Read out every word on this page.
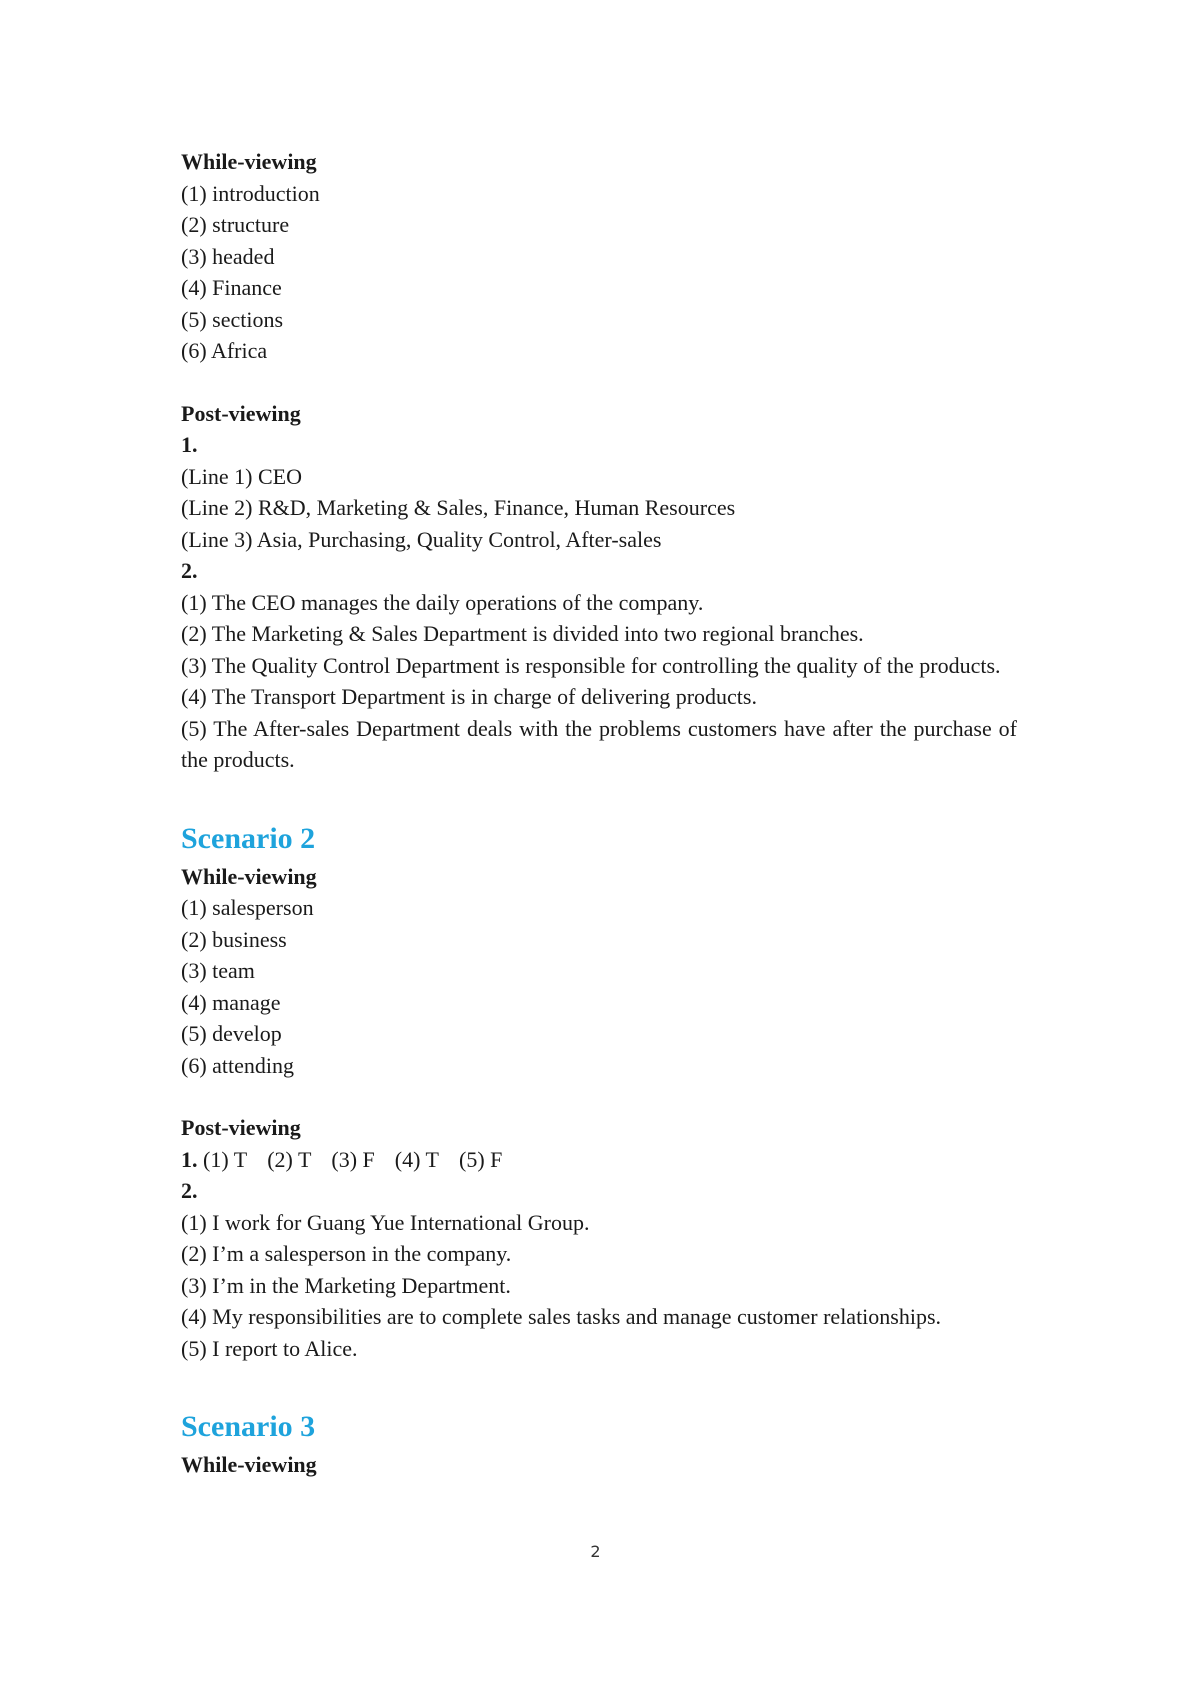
While-viewing
(1) introduction
(2) structure
(3) headed
(4) Finance
(5) sections
(6) Africa
Post-viewing
1.
(Line 1) CEO
(Line 2) R&D, Marketing & Sales, Finance, Human Resources
(Line 3) Asia, Purchasing, Quality Control, After-sales
2.
(1) The CEO manages the daily operations of the company.
(2) The Marketing & Sales Department is divided into two regional branches.
(3) The Quality Control Department is responsible for controlling the quality of the products.
(4) The Transport Department is in charge of delivering products.
(5) The After-sales Department deals with the problems customers have after the purchase of the products.
Scenario 2
While-viewing
(1) salesperson
(2) business
(3) team
(4) manage
(5) develop
(6) attending
Post-viewing
1. (1) T (2) T (3) F (4) T (5) F
2.
(1) I work for Guang Yue International Group.
(2) I’m a salesperson in the company.
(3) I’m in the Marketing Department.
(4) My responsibilities are to complete sales tasks and manage customer relationships.
(5) I report to Alice.
Scenario 3
While-viewing
2
